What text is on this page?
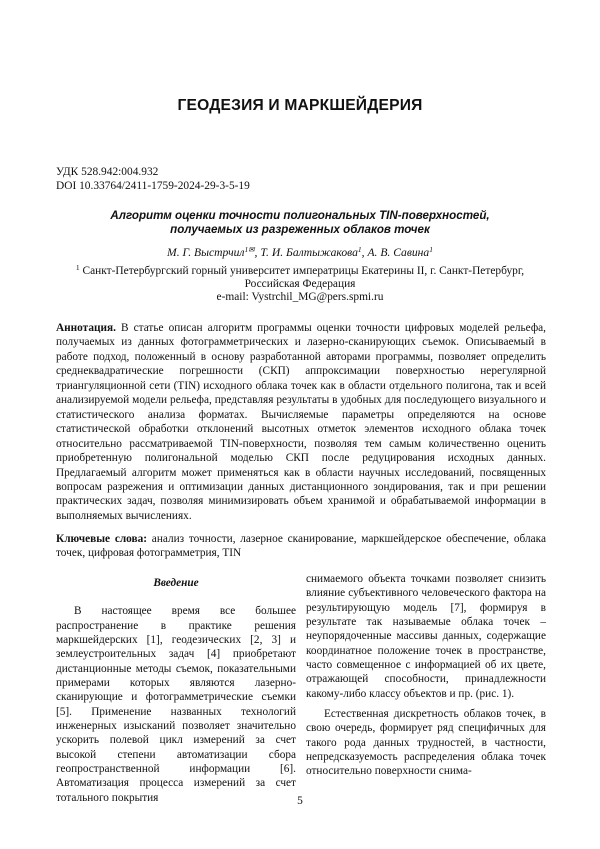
ГЕОДЕЗИЯ И МАРКШЕЙДЕРИЯ
УДК 528.942:004.932
DOI 10.33764/2411-1759-2024-29-3-5-19
Алгоритм оценки точности полигональных TIN-поверхностей,
получаемых из разреженных облаков точек
М. Г. Выстрчил$^{1✉}$, Т. И. Балтыжакова$^1$, А. В. Савина$^1$
$^1$ Санкт-Петербургский горный университет императрицы Екатерины II, г. Санкт-Петербург,
Российская Федерация
e-mail: Vystrchil_MG@pers.spmi.ru
Аннотация. В статье описан алгоритм программы оценки точности цифровых моделей рельефа, получаемых из данных фотограмметрических и лазерно-сканирующих съемок. Описываемый в работе подход, положенный в основу разработанной авторами программы, позволяет определить среднеквадратические погрешности (СКП) аппроксимации поверхностью нерегулярной триангуляционной сети (TIN) исходного облака точек как в области отдельного полигона, так и всей анализируемой модели рельефа, представляя результаты в удобных для последующего визуального и статистического анализа форматах. Вычисляемые параметры определяются на основе статистической обработки отклонений высотных отметок элементов исходного облака точек относительно рассматриваемой TIN-поверхности, позволяя тем самым количественно оценить приобретенную полигональной моделью СКП после редуцирования исходных данных. Предлагаемый алгоритм может применяться как в области научных исследований, посвященных вопросам разрежения и оптимизации данных дистанционного зондирования, так и при решении практических задач, позволяя минимизировать объем хранимой и обрабатываемой информации в выполняемых вычислениях.
Ключевые слова: анализ точности, лазерное сканирование, маркшейдерское обеспечение, облака точек, цифровая фотограмметрия, TIN
Введение

В настоящее время все большее распространение в практике решения маркшейдерских [1], геодезических [2, 3] и землеустроительных задач [4] приобретают дистанционные методы съемок, показательными примерами которых являются лазерно-сканирующие и фотограмметрические съемки [5]. Применение названных технологий инженерных изысканий позволяет значительно ускорить полевой цикл измерений за счет высокой степени автоматизации сбора геопространственной информации [6]. Автоматизация процесса измерений за счет тотального покрытия

снимаемого объекта точками позволяет снизить влияние субъективного человеческого фактора на результирующую модель [7], формируя в результате так называемые облака точек – неупорядоченные массивы данных, содержащие координатное положение точек в пространстве, часто совмещенное с информацией об их цвете, отражающей способности, принадлежности какому-либо классу объектов и пр. (рис. 1).

Естественная дискретность облаков точек, в свою очередь, формирует ряд специфичных для такого рода данных трудностей, в частности, непредсказуемость распределения облака точек относительно поверхности снима-

5
